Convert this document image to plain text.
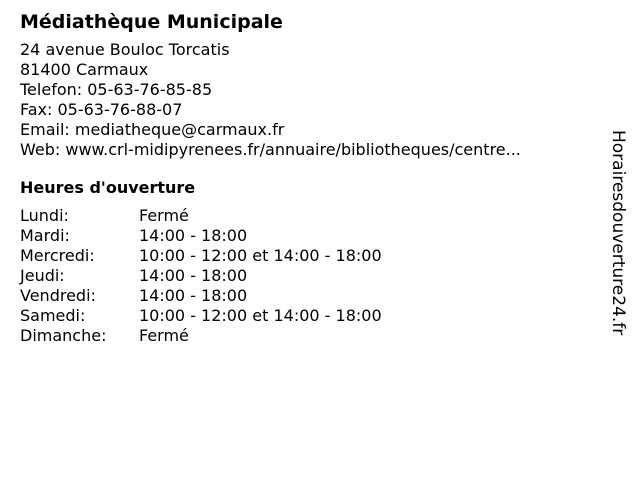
Médiathèque Municipale
24 avenue Bouloc Torcatis
81400 Carmaux
Telefon: 05-63-76-85-85
Fax: 05-63-76-88-07
Email: mediatheque@carmaux.fr
Web: www.crl-midipyrenees.fr/annuaire/bibliotheques/centre...
Heures d'ouverture
Lundi:	Fermé
Mardi:	14:00 - 18:00
Mercredi:	10:00 - 12:00 et 14:00 - 18:00
Jeudi:	14:00 - 18:00
Vendredi:	14:00 - 18:00
Samedi:	10:00 - 12:00 et 14:00 - 18:00
Dimanche:	Fermé
Horairesdouverture24.fr
